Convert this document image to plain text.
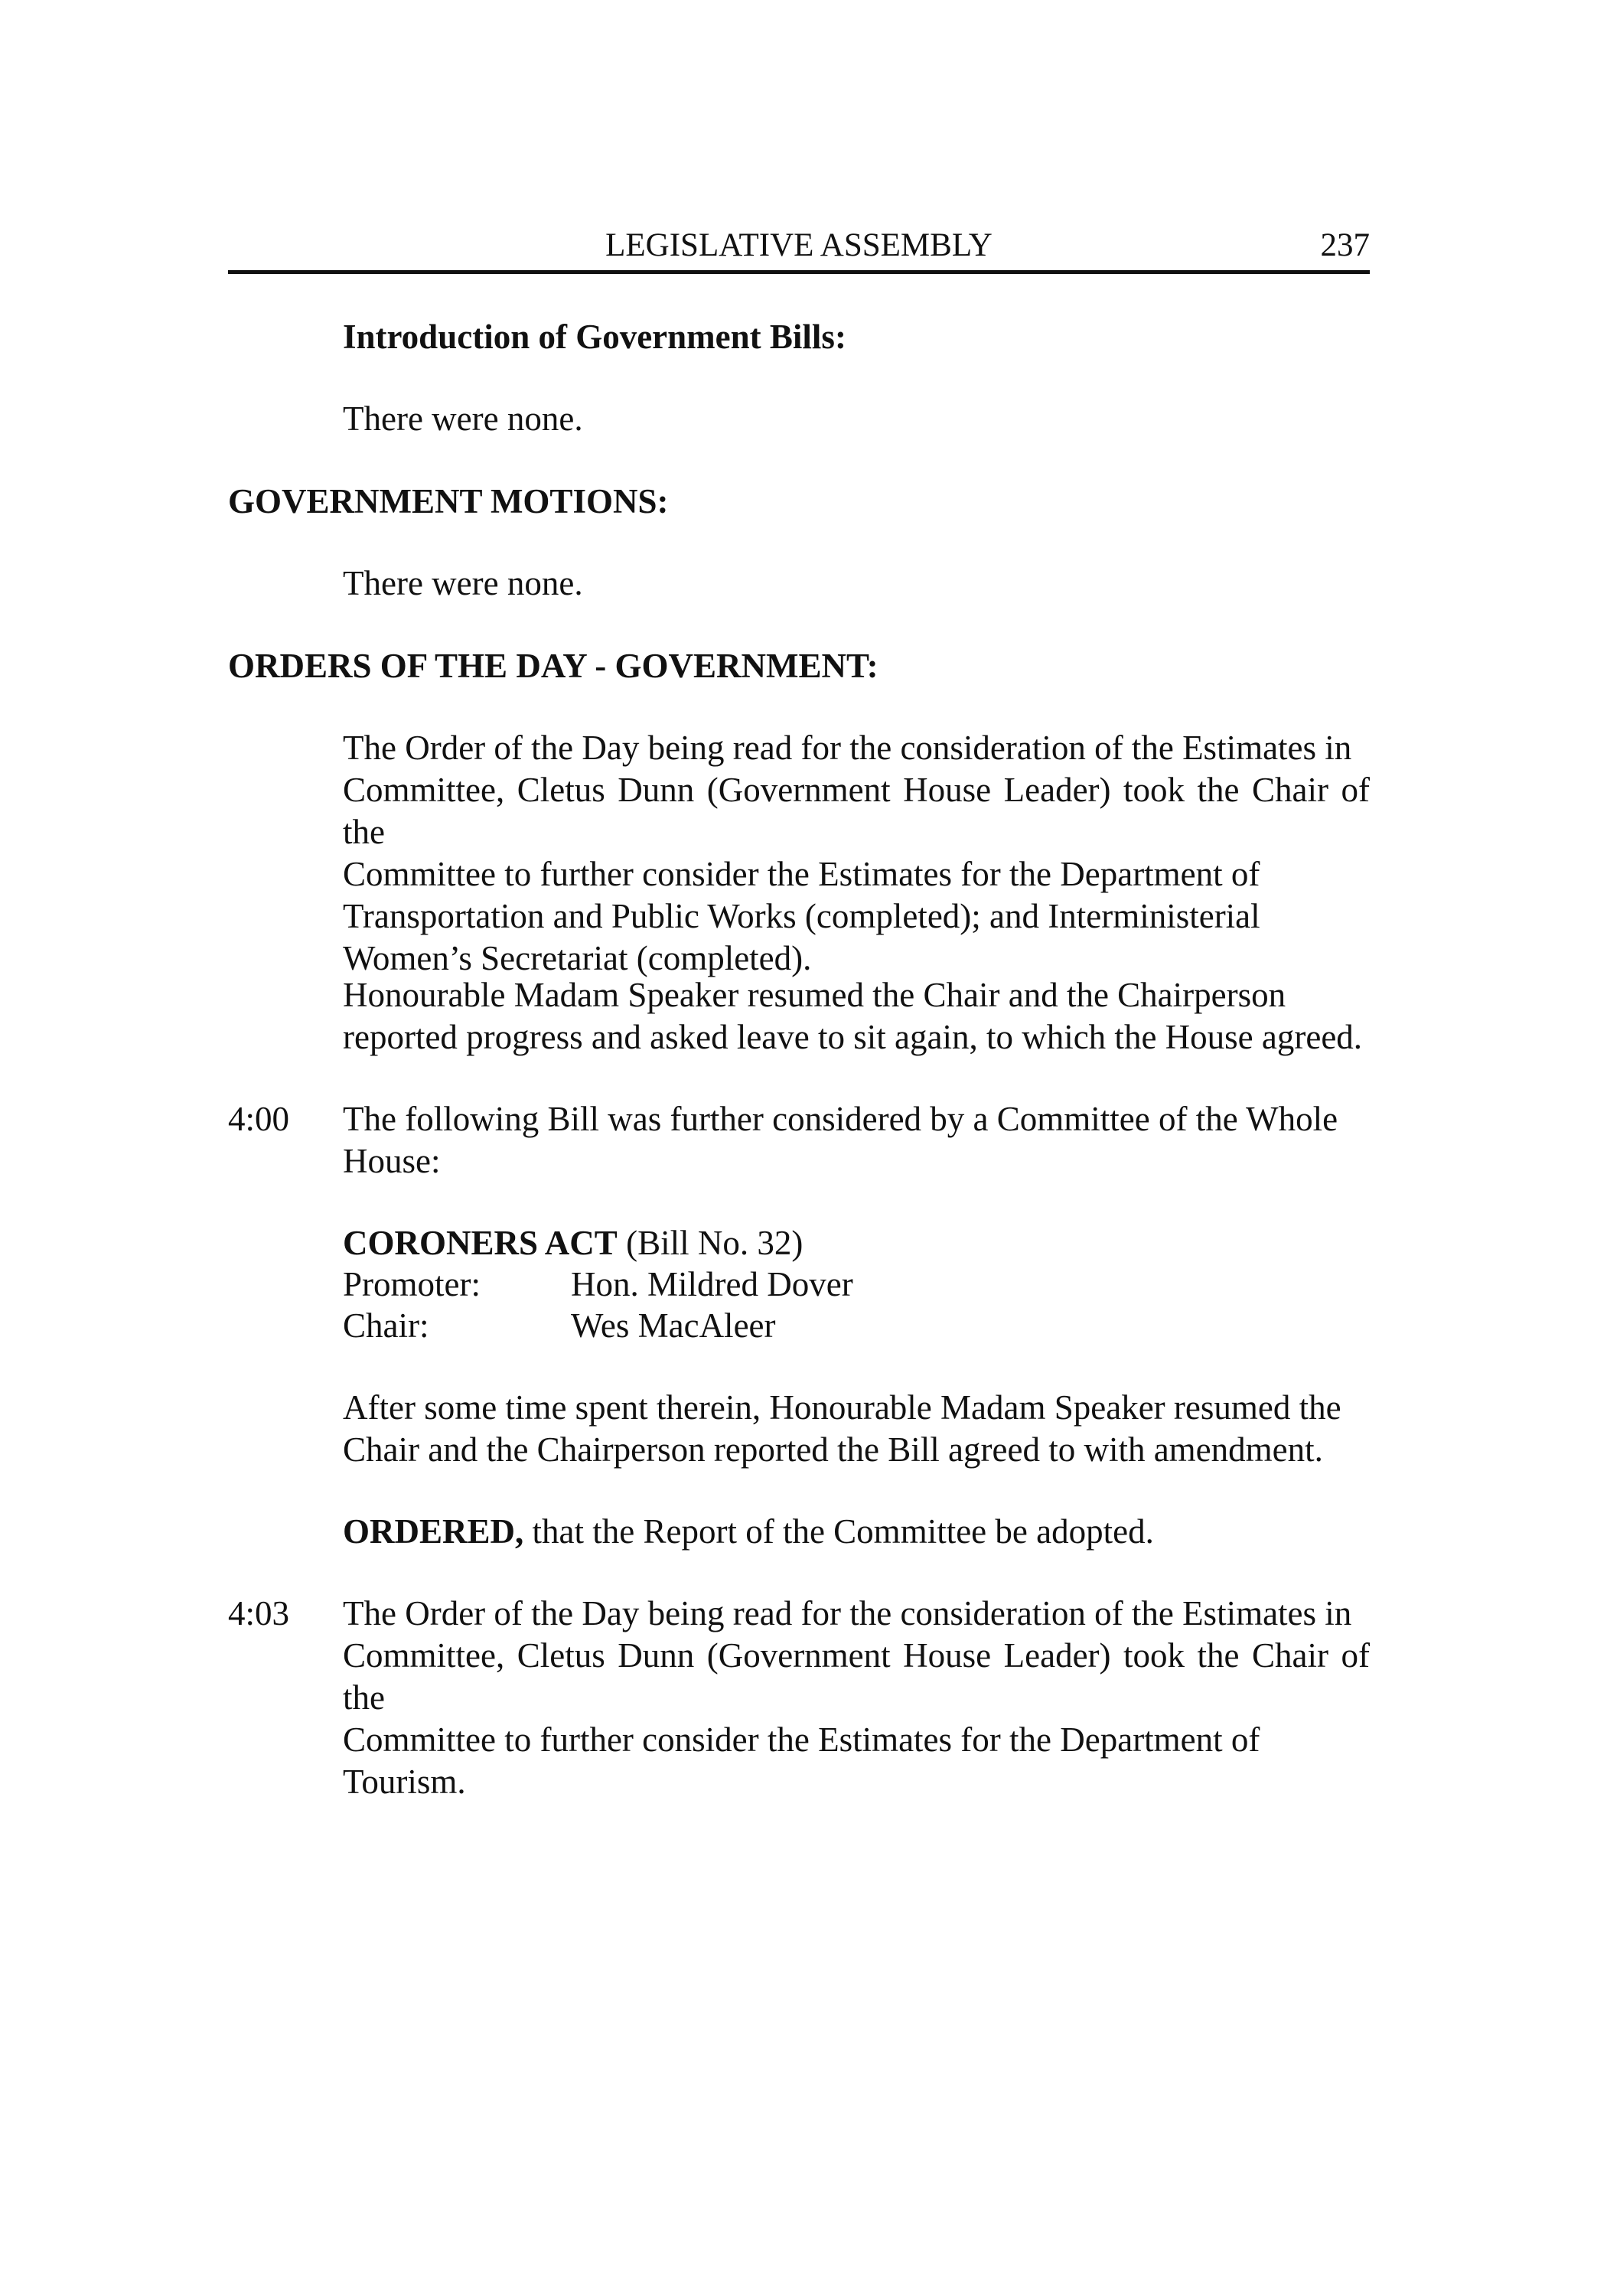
LEGISLATIVE ASSEMBLY	237
Introduction of Government Bills:
There were none.
GOVERNMENT MOTIONS:
There were none.
ORDERS OF THE DAY - GOVERNMENT:
The Order of the Day being read for the consideration of the Estimates in
Committee, Cletus Dunn (Government House Leader) took the Chair of the
Committee to further consider the Estimates for the Department of
Transportation and Public Works (completed); and Interministerial
Women’s Secretariat (completed).
Honourable Madam Speaker resumed the Chair and the Chairperson
reported progress and asked leave to sit again, to which the House agreed.
4:00 The following Bill was further considered by a Committee of the Whole
House:
CORONERS ACT (Bill No. 32)
Promoter:	Hon. Mildred Dover
Chair:	Wes MacAleer
After some time spent therein, Honourable Madam Speaker resumed the
Chair and the Chairperson reported the Bill agreed to with amendment.
ORDERED, that the Report of the Committee be adopted.
4:03 The Order of the Day being read for the consideration of the Estimates in
Committee, Cletus Dunn (Government House Leader) took the Chair of the
Committee to further consider the Estimates for the Department of
Tourism.
